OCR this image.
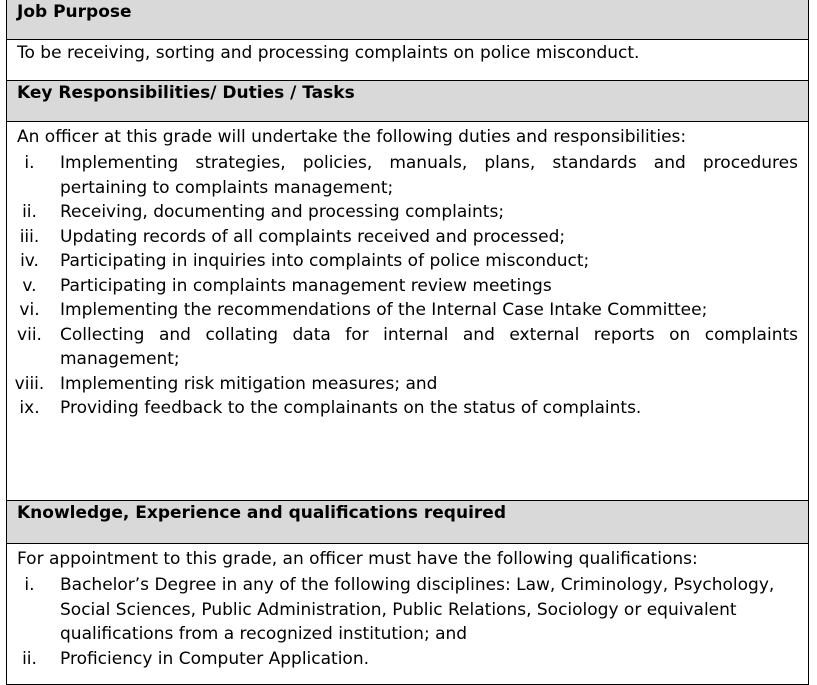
Job Purpose
To be receiving, sorting and processing complaints on police misconduct.
Key Responsibilities/ Duties / Tasks
An officer at this grade will undertake the following duties and responsibilities:
i.	Implementing strategies, policies, manuals, plans, standards and procedures pertaining to complaints management;
ii.	Receiving, documenting and processing complaints;
iii.	Updating records of all complaints received and processed;
iv.	Participating in inquiries into complaints of police misconduct;
v.	Participating in complaints management review meetings
vi.	Implementing the recommendations of the Internal Case Intake Committee;
vii.	Collecting and collating data for internal and external reports on complaints management;
viii. Implementing risk mitigation measures; and
ix.	Providing feedback to the complainants on the status of complaints.
Knowledge, Experience and qualifications required
For appointment to this grade, an officer must have the following qualifications:
i.	Bachelor’s Degree in any of the following disciplines: Law, Criminology, Psychology, Social Sciences, Public Administration, Public Relations, Sociology or equivalent qualifications from a recognized institution; and
ii.	Proficiency in Computer Application.
